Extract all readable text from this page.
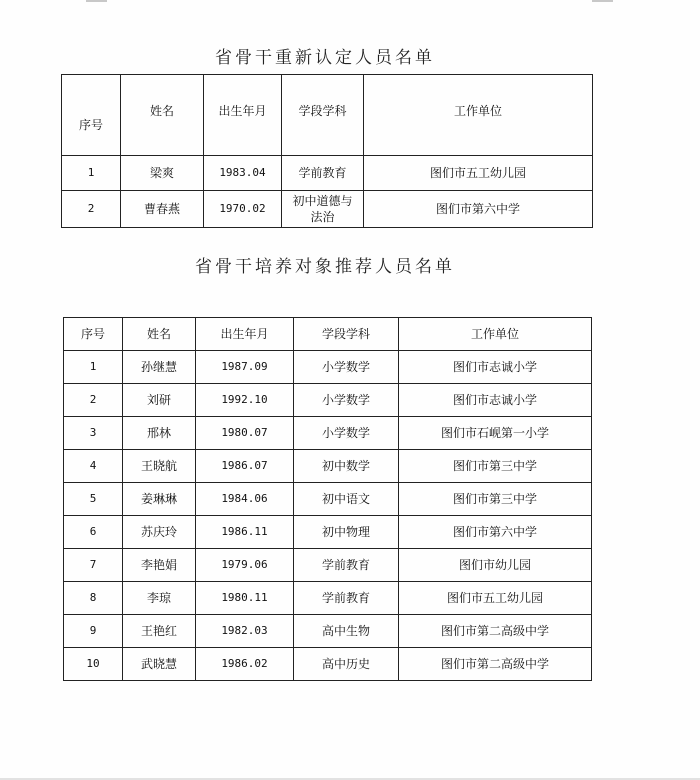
省骨干重新认定人员名单
序号	姓名	出生年月	学段学科	工作单位
1	梁爽	1983.04	学前教育	图们市五工幼儿园
2	曹春燕	1970.02	初中道德与法治	图们市第六中学
省骨干培养对象推荐人员名单
序号	姓名	出生年月	学段学科	工作单位
1	孙继慧	1987.09	小学数学	图们市志诚小学
2	刘研	1992.10	小学数学	图们市志诚小学
3	邢林	1980.07	小学数学	图们市石岘第一小学
4	王晓航	1986.07	初中数学	图们市第三中学
5	姜琳琳	1984.06	初中语文	图们市第三中学
6	苏庆玲	1986.11	初中物理	图们市第六中学
7	李艳娟	1979.06	学前教育	图们市幼儿园
8	李琼	1980.11	学前教育	图们市五工幼儿园
9	王艳红	1982.03	高中生物	图们市第二高级中学
10	武晓慧	1986.02	高中历史	图们市第二高级中学
